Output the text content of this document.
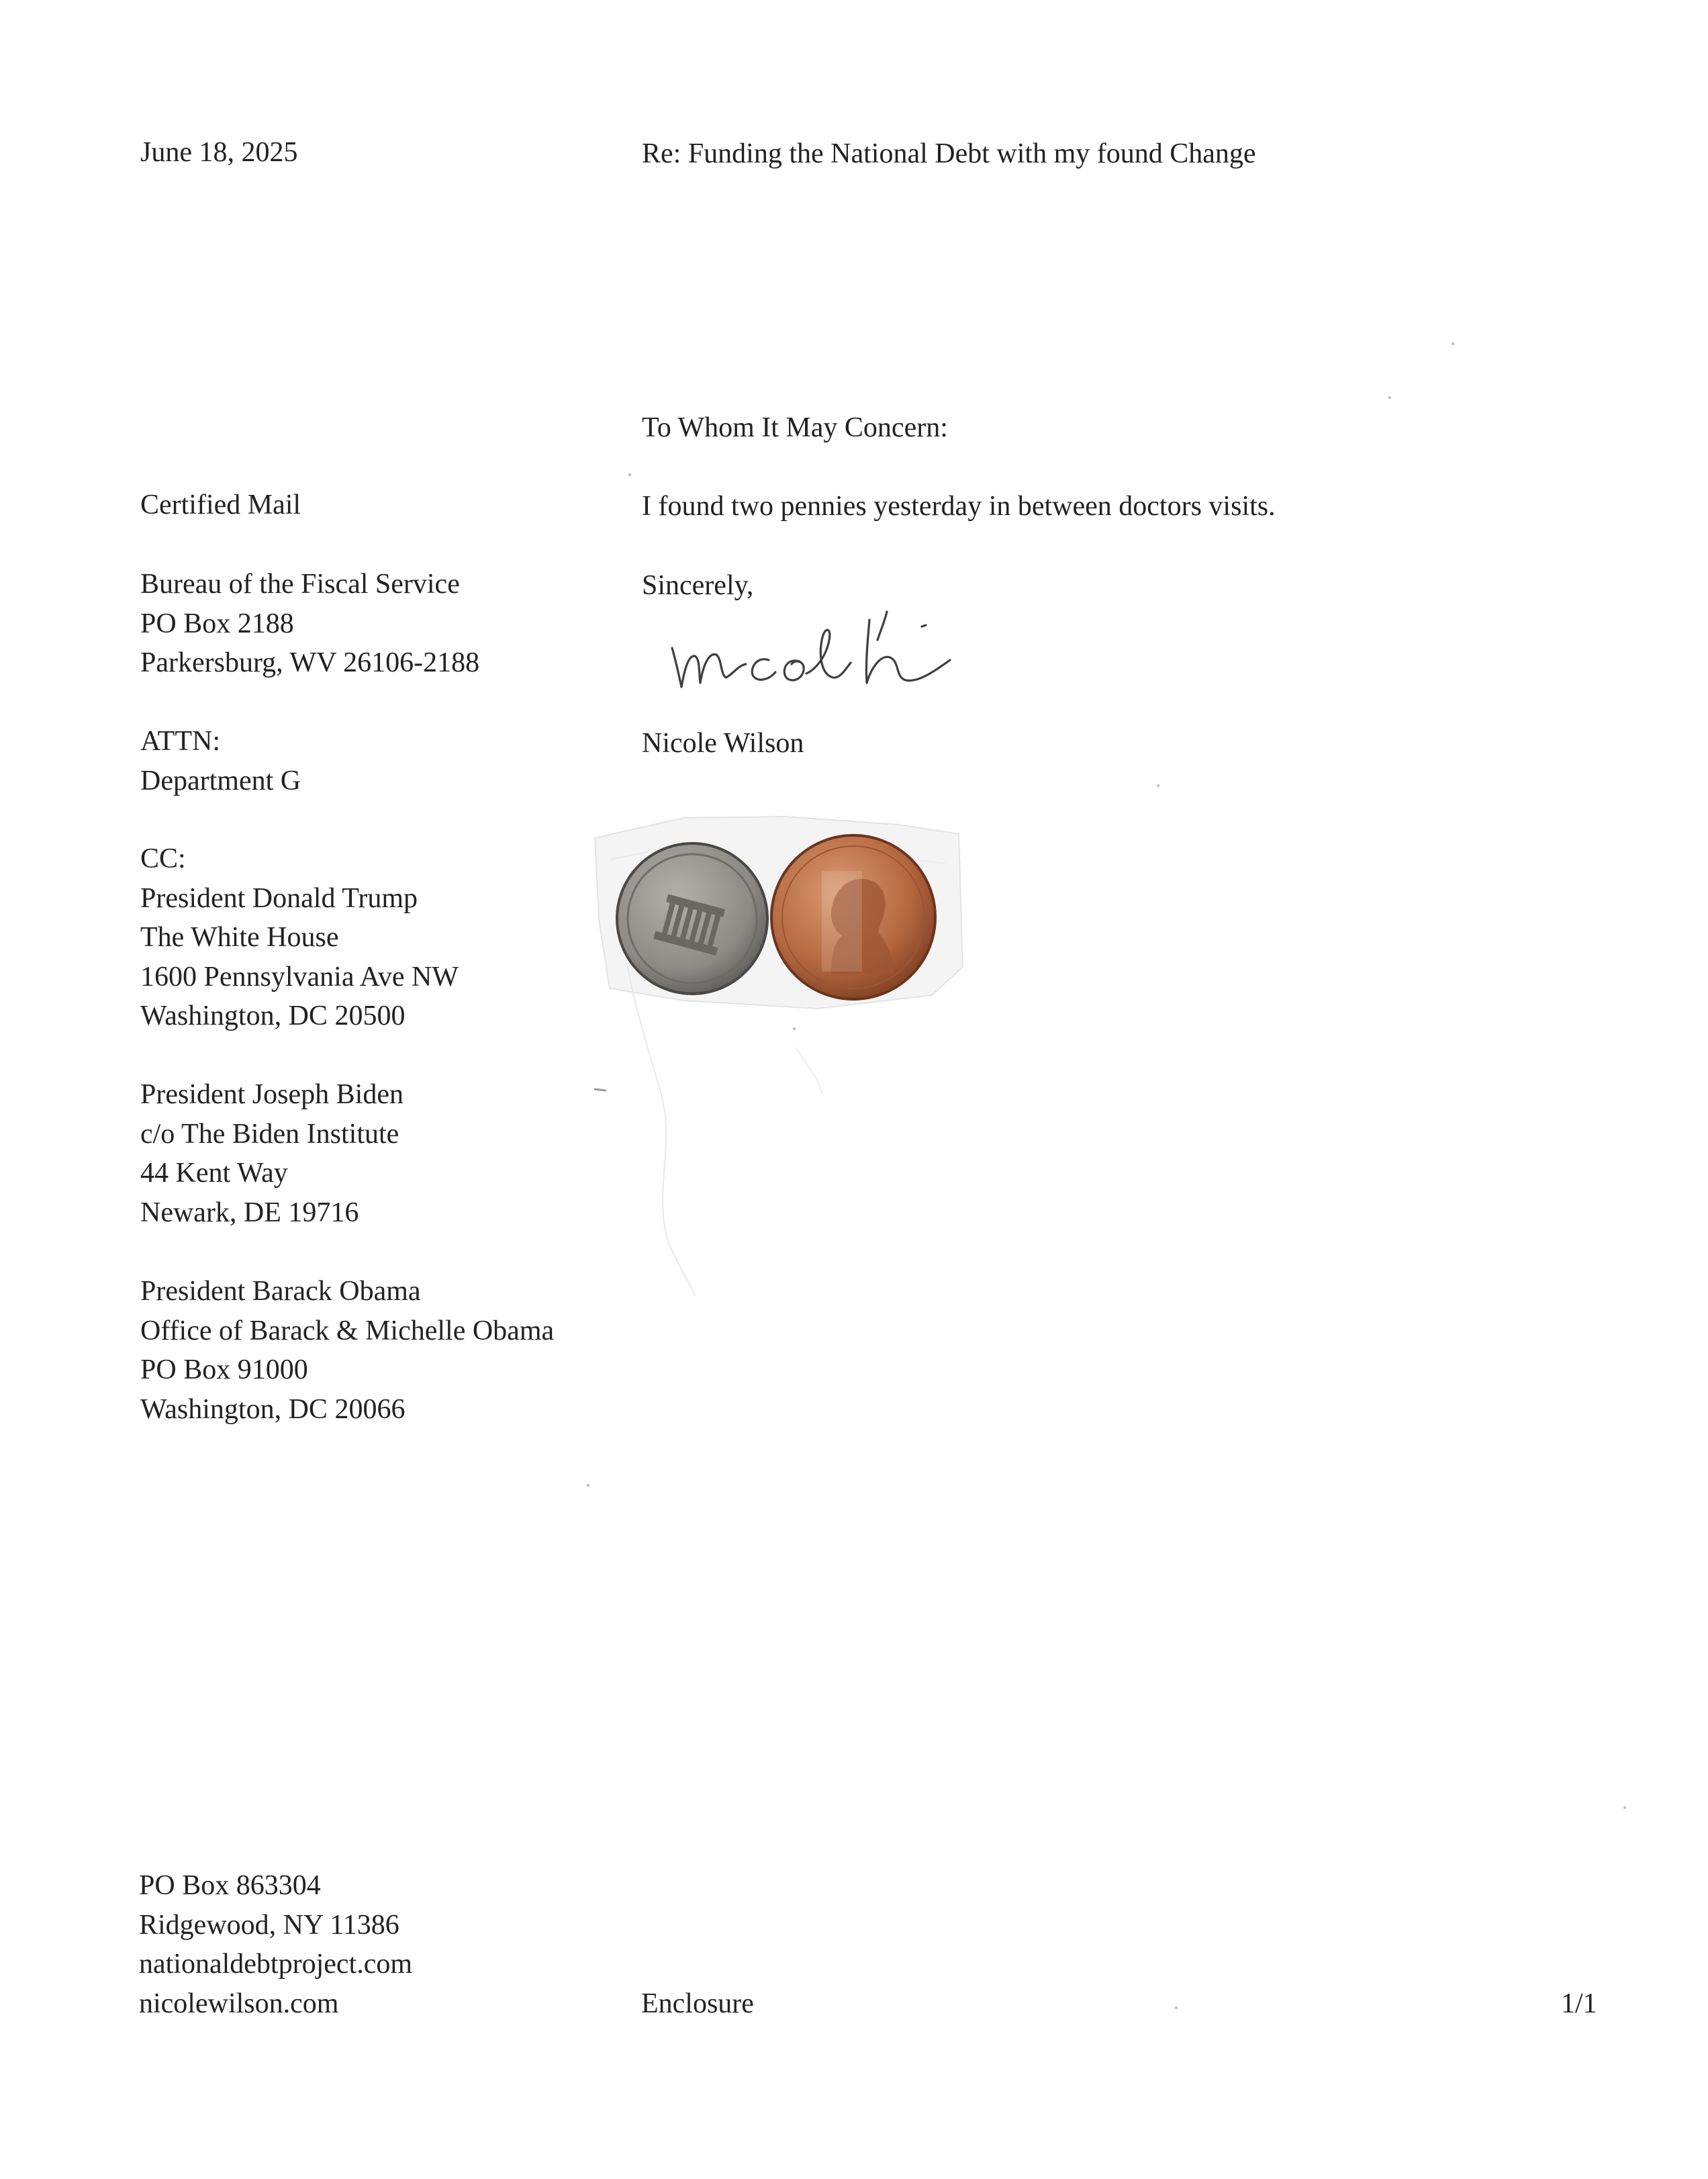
June 18, 2025	Re: Funding the National Debt with my found Change
To Whom It May Concern:
I found two pennies yesterday in between doctors visits.
Sincerely,
Nicole Wilson
Certified Mail
Bureau of the Fiscal Service
PO Box 2188
Parkersburg, WV 26106-2188
ATTN:
Department G
CC:
President Donald Trump
The White House
1600 Pennsylvania Ave NW
Washington, DC 20500
President Joseph Biden
c/o The Biden Institute
44 Kent Way
Newark, DE 19716
President Barack Obama
Office of Barack & Michelle Obama
PO Box 91000
Washington, DC 20066
PO Box 863304
Ridgewood, NY 11386
nationaldebtproject.com
nicolewilson.com	Enclosure	1/1
